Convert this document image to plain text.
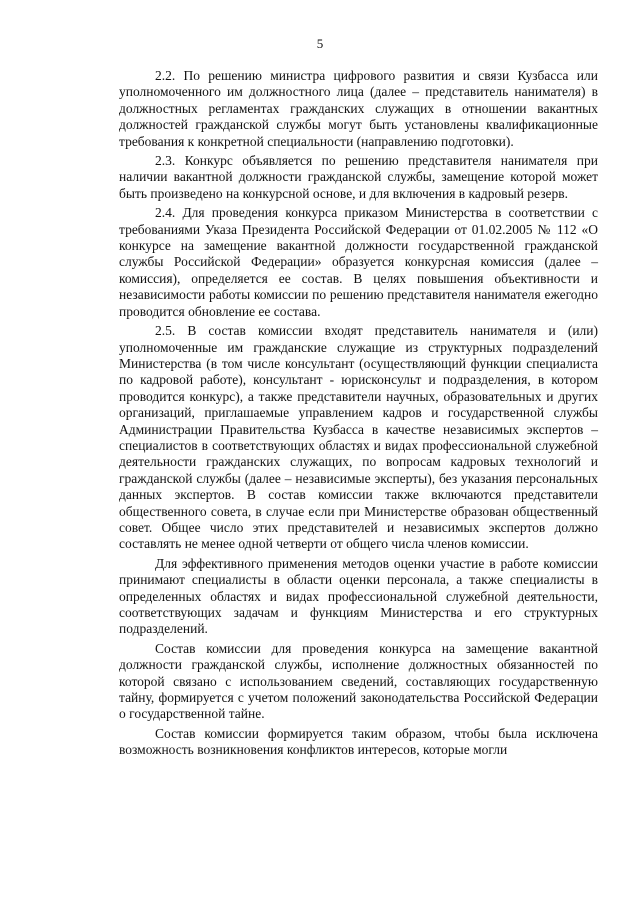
5

2.2. По решению министра цифрового развития и связи Кузбасса или уполномоченного им должностного лица (далее – представитель нанимателя) в должностных регламентах гражданских служащих в отношении вакантных должностей гражданской службы могут быть установлены квалификационные требования к конкретной специальности (направлению подготовки).

2.3. Конкурс объявляется по решению представителя нанимателя при наличии вакантной должности гражданской службы, замещение которой может быть произведено на конкурсной основе, и для включения в кадровый резерв.

2.4. Для проведения конкурса приказом Министерства в соответствии с требованиями Указа Президента Российской Федерации от 01.02.2005 № 112 «О конкурсе на замещение вакантной должности государственной гражданской службы Российской Федерации» образуется конкурсная комиссия (далее – комиссия), определяется ее состав. В целях повышения объективности и независимости работы комиссии по решению представителя нанимателя ежегодно проводится обновление ее состава.

2.5. В состав комиссии входят представитель нанимателя и (или) уполномоченные им гражданские служащие из структурных подразделений Министерства (в том числе консультант (осуществляющий функции специалиста по кадровой работе), консультант - юрисконсульт и подразделения, в котором проводится конкурс), а также представители научных, образовательных и других организаций, приглашаемые управлением кадров и государственной службы Администрации Правительства Кузбасса в качестве независимых экспертов – специалистов в соответствующих областях и видах профессиональной служебной деятельности гражданских служащих, по вопросам кадровых технологий и гражданской службы (далее – независимые эксперты), без указания персональных данных экспертов. В состав комиссии также включаются представители общественного совета, в случае если при Министерстве образован общественный совет. Общее число этих представителей и независимых экспертов должно составлять не менее одной четверти от общего числа членов комиссии.

Для эффективного применения методов оценки участие в работе комиссии принимают специалисты в области оценки персонала, а также специалисты в определенных областях и видах профессиональной служебной деятельности, соответствующих задачам и функциям Министерства и его структурных подразделений.

Состав комиссии для проведения конкурса на замещение вакантной должности гражданской службы, исполнение должностных обязанностей по которой связано с использованием сведений, составляющих государственную тайну, формируется с учетом положений законодательства Российской Федерации о государственной тайне.

Состав комиссии формируется таким образом, чтобы была исключена возможность возникновения конфликтов интересов, которые могли
